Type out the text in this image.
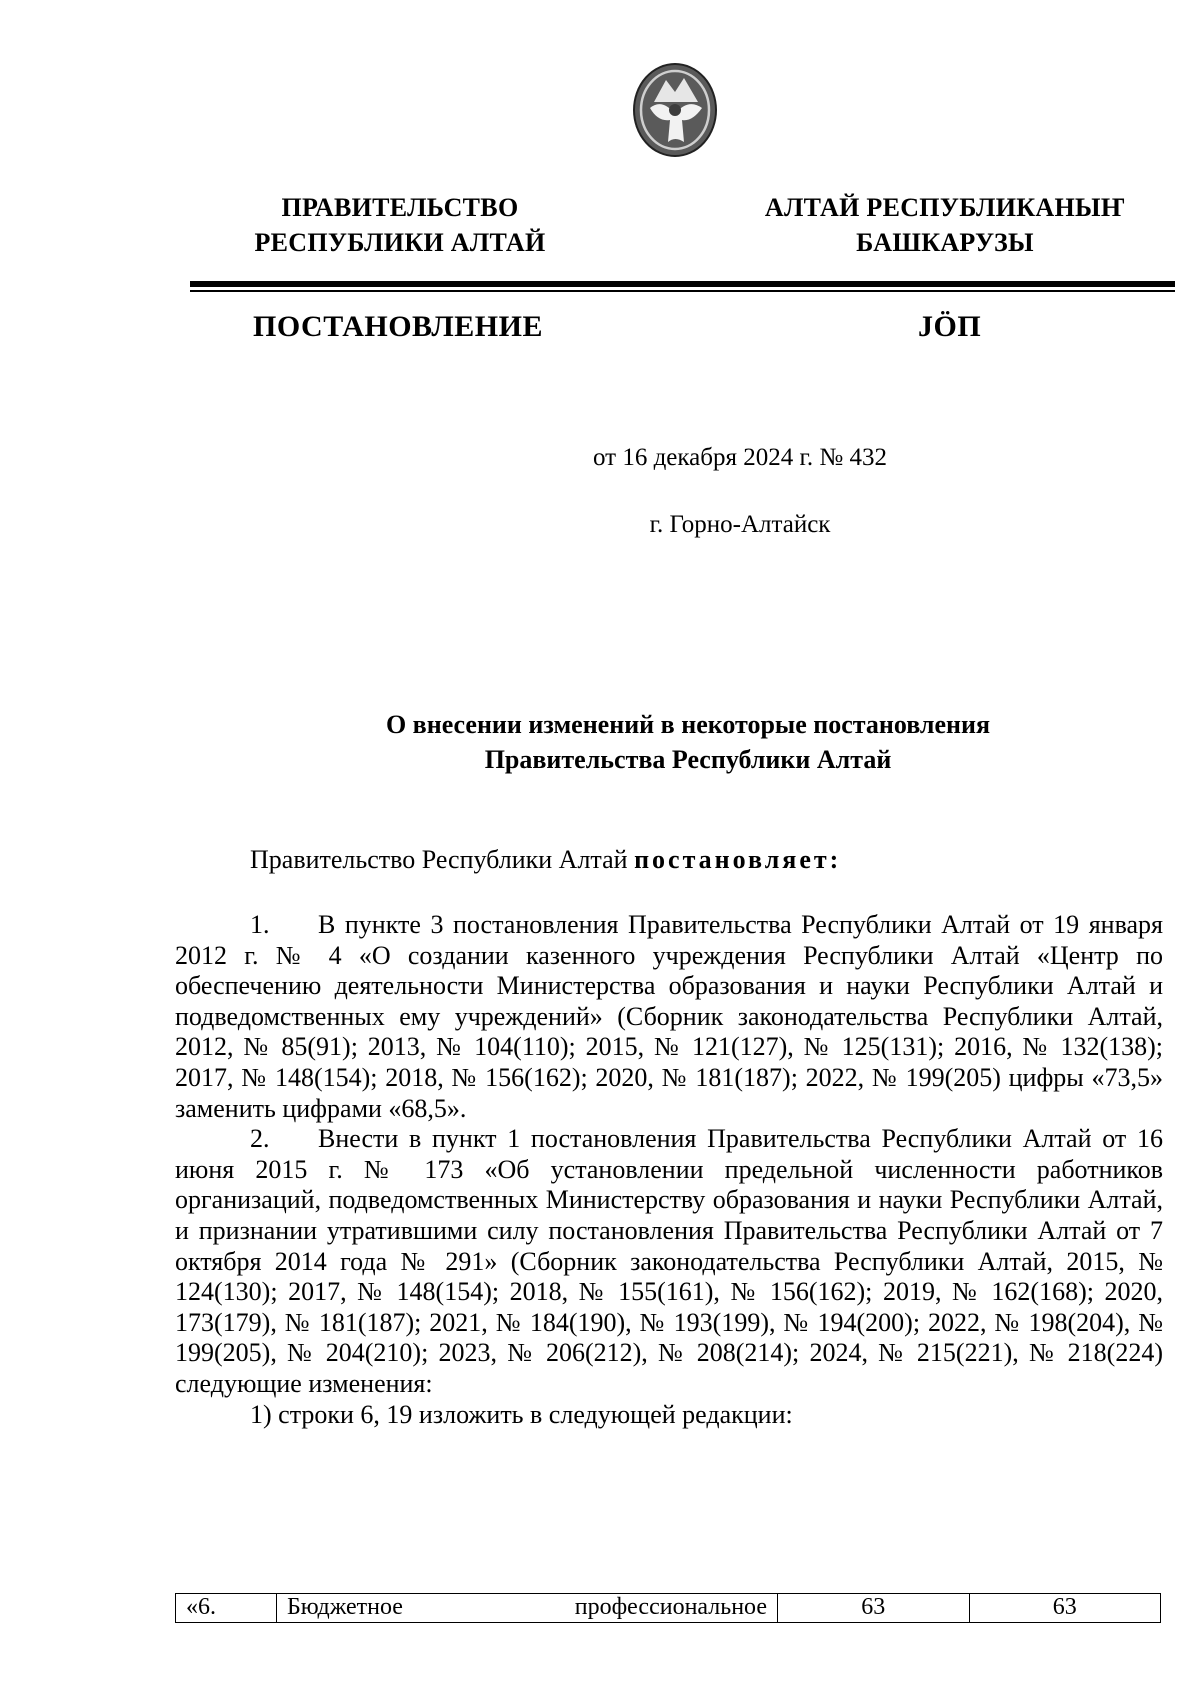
ПРАВИТЕЛЬСТВО
РЕСПУБЛИКИ АЛТАЙ
АЛТАЙ РЕСПУБЛИКАНЫҤ
БАШКАРУЗЫ
ПОСТАНОВЛЕНИЕ	JÖП
от 16 декабря 2024 г. № 432
г. Горно-Алтайск
О внесении изменений в некоторые постановления
Правительства Республики Алтай
Правительство Республики Алтай постановляет:

1. В пункте 3 постановления Правительства Республики Алтай от 19 января 2012 г. № 4 «О создании казенного учреждения Республики Алтай «Центр по обеспечению деятельности Министерства образования и науки Республики Алтай и подведомственных ему учреждений» (Сборник законодательства Республики Алтай, 2012, № 85(91); 2013, № 104(110); 2015, № 121(127), № 125(131); 2016, № 132(138); 2017, № 148(154); 2018, № 156(162); 2020, № 181(187); 2022, № 199(205) цифры «73,5» заменить цифрами «68,5».

2. Внести в пункт 1 постановления Правительства Республики Алтай от 16 июня 2015 г. № 173 «Об установлении предельной численности работников организаций, подведомственных Министерству образования и науки Республики Алтай, и признании утратившими силу постановления Правительства Республики Алтай от 7 октября 2014 года № 291» (Сборник законодательства Республики Алтай, 2015, № 124(130); 2017, № 148(154); 2018, № 155(161), № 156(162); 2019, № 162(168); 2020, 173(179), № 181(187); 2021, № 184(190), № 193(199), № 194(200); 2022, № 198(204), № 199(205), № 204(210); 2023, № 206(212), № 208(214); 2024, № 215(221), № 218(224) следующие изменения:

1) строки 6, 19 изложить в следующей редакции:

«6.	Бюджетное	профессиональное	63	63
